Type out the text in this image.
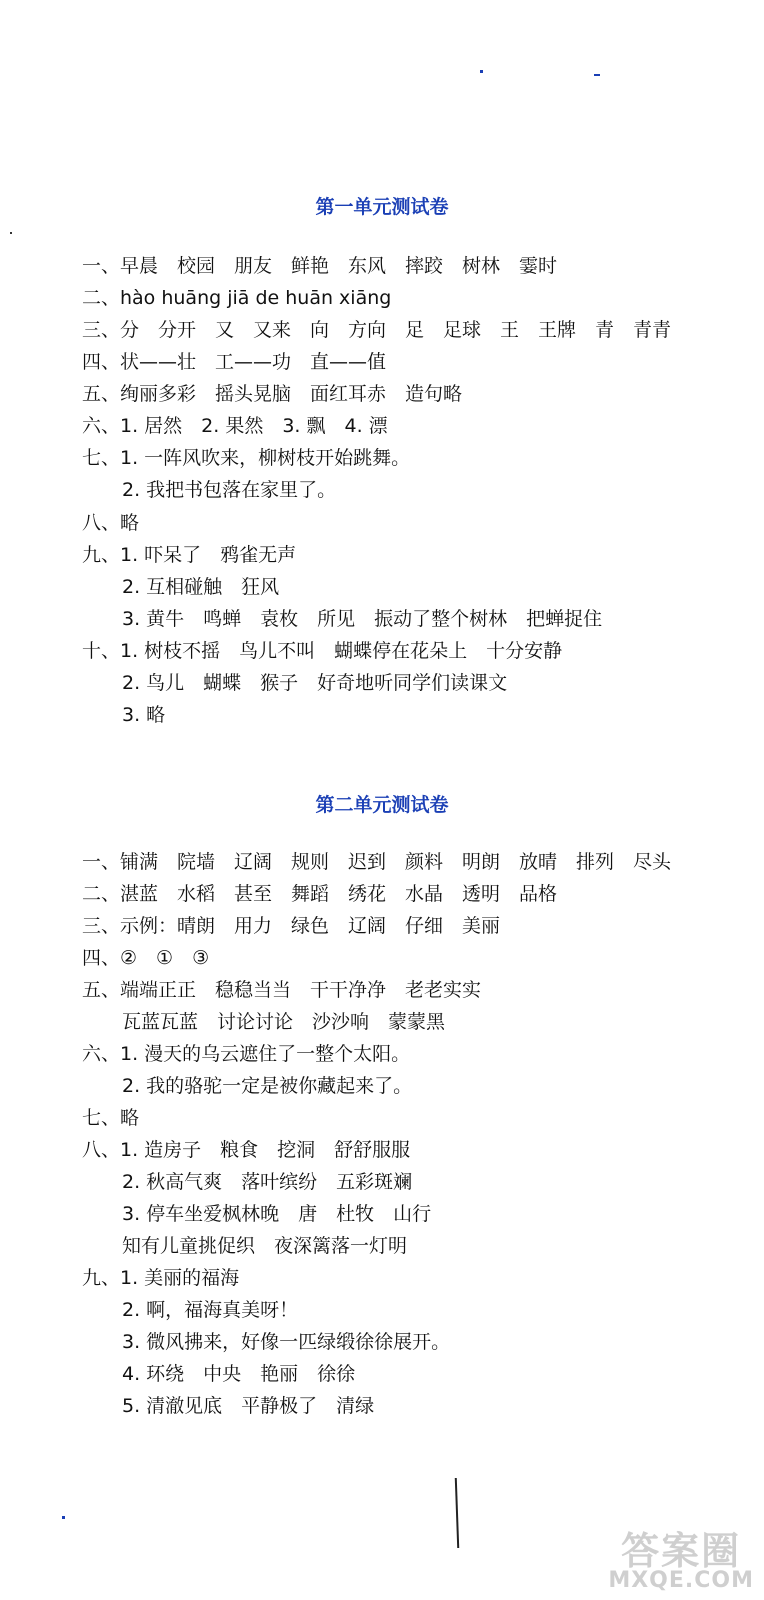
第一单元测试卷
一、早晨　校园　朋友　鲜艳　东风　摔跤　树林　霎时
二、hào huāng jiā de huān xiāng
三、分　分开　又　又来　向　方向　足　足球　王　王牌　青　青青
四、状——壮　工——功　直——值
五、绚丽多彩　摇头晃脑　面红耳赤　造句略
六、1. 居然　2. 果然　3. 飘　4. 漂
七、1. 一阵风吹来，柳树枝开始跳舞。
2. 我把书包落在家里了。
八、略
九、1. 吓呆了　鸦雀无声
2. 互相碰触　狂风
3. 黄牛　鸣蝉　袁枚　所见　振动了整个树林　把蝉捉住
十、1. 树枝不摇　鸟儿不叫　蝴蝶停在花朵上　十分安静
2. 鸟儿　蝴蝶　猴子　好奇地听同学们读课文
3. 略
第二单元测试卷
一、铺满　院墙　辽阔　规则　迟到　颜料　明朗　放晴　排列　尽头
二、湛蓝　水稻　甚至　舞蹈　绣花　水晶　透明　品格
三、示例：晴朗　用力　绿色　辽阔　仔细　美丽
四、②　①　③
五、端端正正　稳稳当当　干干净净　老老实实
瓦蓝瓦蓝　讨论讨论　沙沙响　蒙蒙黑
六、1. 漫天的乌云遮住了一整个太阳。
2. 我的骆驼一定是被你藏起来了。
七、略
八、1. 造房子　粮食　挖洞　舒舒服服
2. 秋高气爽　落叶缤纷　五彩斑斓
3. 停车坐爱枫林晚　唐　杜牧　山行
知有儿童挑促织　夜深篱落一灯明
九、1. 美丽的福海
2. 啊，福海真美呀！
3. 微风拂来，好像一匹绿缎徐徐展开。
4. 环绕　中央　艳丽　徐徐
5. 清澈见底　平静极了　清绿
答案圈
MXQE.COM
